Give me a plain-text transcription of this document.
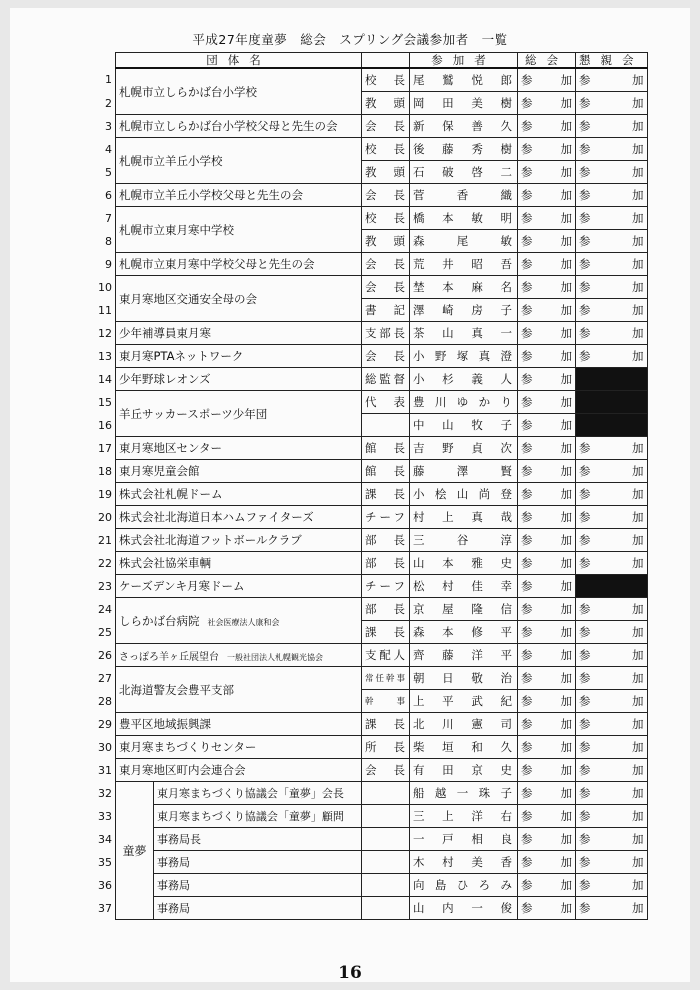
平成27年度童夢　総会　スプリング会議参加者　一覧
	団体名			参加者	総会	懇親会
1	札幌市立しらかば台小学校		校長	尾鷲悦郎	参　　加	参　　加

2			教頭	岡田美樹	参　　加	参　　加

3	札幌市立しらかば台小学校父母と先生の会		会長	新保善久	参　　加	参　　加

4	札幌市立羊丘小学校		校長	後藤秀樹	参　　加	参　　加

5			教頭	石破啓二	参　　加	参　　加

6	札幌市立羊丘小学校父母と先生の会		会長	菅香織	参　　加	参　　加

7	札幌市立東月寒中学校		校長	橋本敏明	参　　加	参　　加

8			教頭	森尾敏	参　　加	参　　加

9	札幌市立東月寒中学校父母と先生の会		会長	荒井昭吾	参　　加	参　　加

10	東月寒地区交通安全母の会		会長	埜本麻名	参　　加	参　　加

11			書記	澤崎房子	参　　加	参　　加

12	少年補導員東月寒		支部長	茶山真一	参　　加	参　　加

13	東月寒PTAネットワーク		会長	小野塚真澄	参　　加	参　　加

14	少年野球レオンズ		総監督	小杉義人	参　　加	

15	羊丘サッカースポーツ少年団		代表	豊川ゆかり	参　　加	

16				中山牧子	参　　加	

17	東月寒地区センター		館長	吉野貞次	参　　加	参　　加

18	東月寒児童会館		館長	藤澤賢	参　　加	参　　加

19	株式会社札幌ドーム		課長	小桧山尚登	参　　加	参　　加

20	株式会社北海道日本ハムファイターズ		チーフ	村上真哉	参　　加	参　　加

21	株式会社北海道フットボールクラブ		部長	三谷淳	参　　加	参　　加

22	株式会社協栄車輌		部長	山本雅史	参　　加	参　　加

23	ケーズデンキ月寒ドーム		チーフ	松村佳幸	参　　加	

24	しらかば台病院 社会医療法人康和会		部長	京屋隆信	参　　加	参　　加

25			課長	森本修平	参　　加	参　　加

26	さっぽろ羊ヶ丘展望台 一般社団法人札幌観光協会		支配人	齊藤洋平	参　　加	参　　加

27	北海道警友会豊平支部		常任幹事	朝日敬治	参　　加	参　　加

28			幹事	上平武紀	参　　加	参　　加

29	豊平区地域振興課		課長	北川憲司	参　　加	参　　加

30	東月寒まちづくりセンター		所長	柴垣和久	参　　加	参　　加

31	東月寒地区町内会連合会		会長	有田京史	参　　加	参　　加

32	童夢	東月寒まちづくり協議会「童夢」会長		船越一珠子	参　　加	参　　加

33		東月寒まちづくり協議会「童夢」顧問		三上洋右	参　　加	参　　加

34		事務局長		一戸相良	参　　加	参　　加

35		事務局		木村美香	参　　加	参　　加

36		事務局		向島ひろみ	参　　加	参　　加

37		事務局		山内一俊	参　　加	参　　加
16
